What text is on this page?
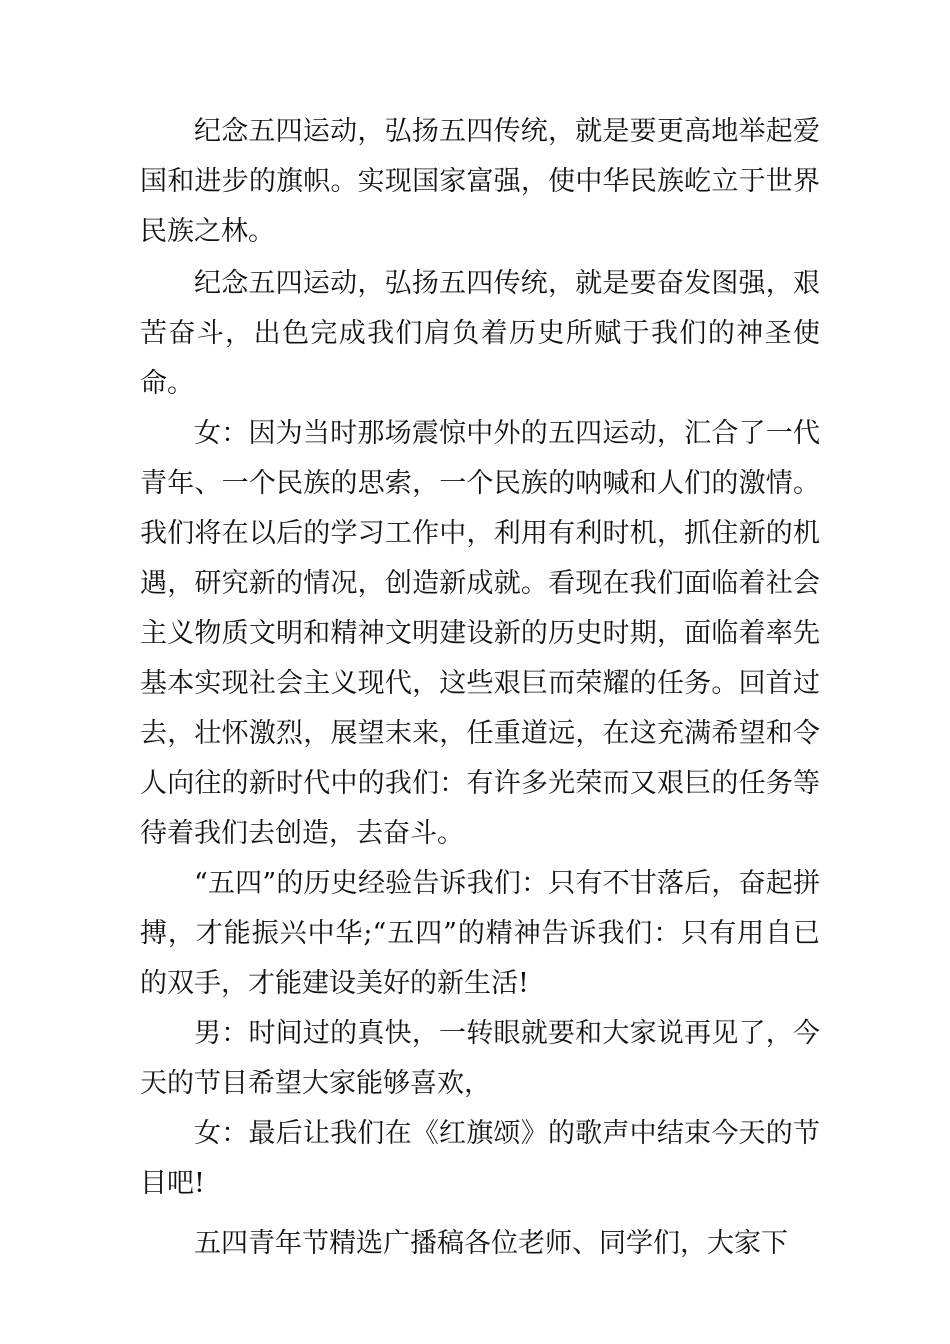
纪念五四运动，弘扬五四传统，就是要更高地举起爱国和进步的旗帜。实现国家富强，使中华民族屹立于世界民族之林。

纪念五四运动，弘扬五四传统，就是要奋发图强，艰苦奋斗，出色完成我们肩负着历史所赋于我们的神圣使命。

女：因为当时那场震惊中外的五四运动，汇合了一代青年、一个民族的思索，一个民族的呐喊和人们的激情。我们将在以后的学习工作中，利用有利时机，抓住新的机遇，研究新的情况，创造新成就。看现在我们面临着社会主义物质文明和精神文明建设新的历史时期，面临着率先基本实现社会主义现代，这些艰巨而荣耀的任务。回首过去，壮怀激烈，展望末来，任重道远，在这充满希望和令人向往的新时代中的我们：有许多光荣而又艰巨的任务等待着我们去创造，去奋斗。

“五四”的历史经验告诉我们：只有不甘落后，奋起拼搏，才能振兴中华;“五四”的精神告诉我们：只有用自已的双手，才能建设美好的新生活!

男：时间过的真快，一转眼就要和大家说再见了，今天的节目希望大家能够喜欢，

女：最后让我们在《红旗颂》的歌声中结束今天的节目吧!

五四青年节精选广播稿各位老师、同学们，大家下
